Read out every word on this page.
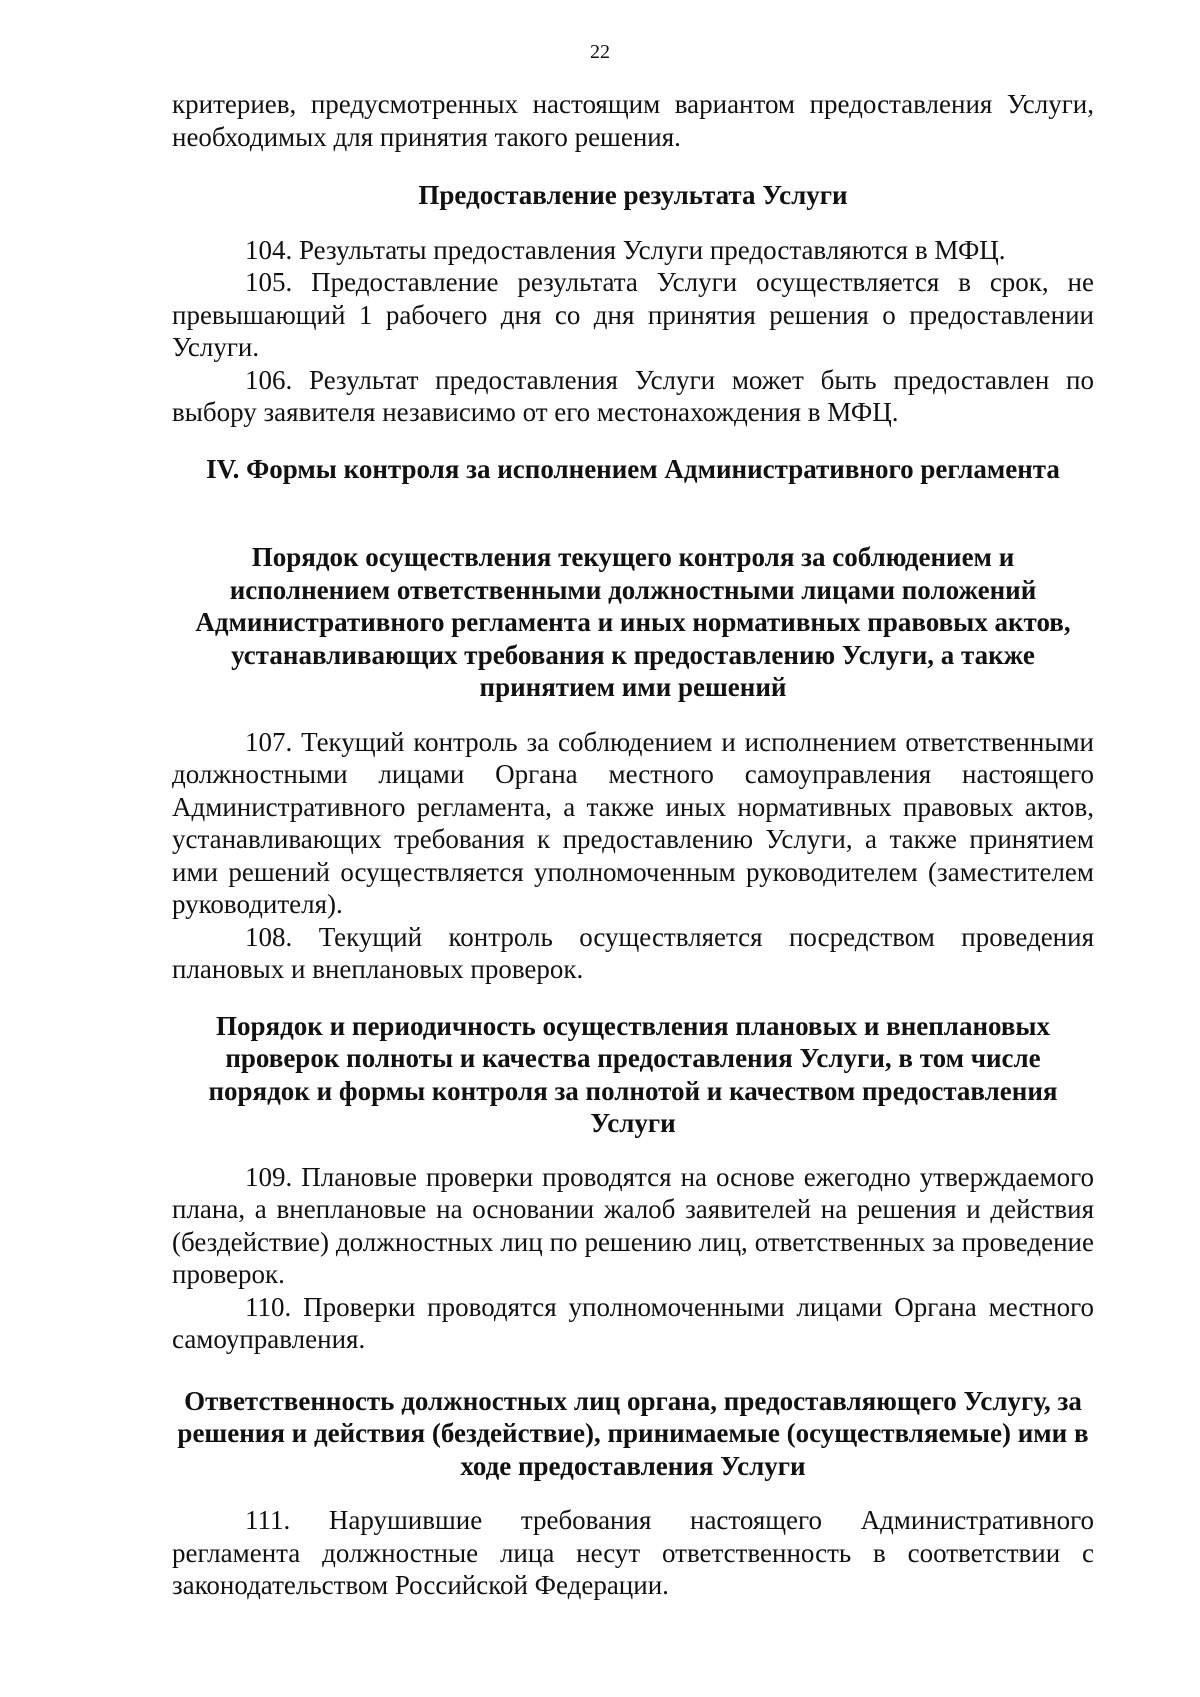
22

критериев, предусмотренных настоящим вариантом предоставления Услуги, необходимых для принятия такого решения.

Предоставление результата Услуги

104. Результаты предоставления Услуги предоставляются в МФЦ.

105. Предоставление результата Услуги осуществляется в срок, не превышающий 1 рабочего дня со дня принятия решения о предоставлении Услуги.

106. Результат предоставления Услуги может быть предоставлен по выбору заявителя независимо от его местонахождения в МФЦ.

IV. Формы контроля за исполнением Административного регламента
Порядок осуществления текущего контроля за соблюдением и исполнением ответственными должностными лицами положений Административного регламента и иных нормативных правовых актов, устанавливающих требования к предоставлению Услуги, а также принятием ими решений

107. Текущий контроль за соблюдением и исполнением ответственными должностными лицами Органа местного самоуправления настоящего Административного регламента, а также иных нормативных правовых актов, устанавливающих требования к предоставлению Услуги, а также принятием ими решений осуществляется уполномоченным руководителем (заместителем руководителя).

108. Текущий контроль осуществляется посредством проведения плановых и внеплановых проверок.

Порядок и периодичность осуществления плановых и внеплановых проверок полноты и качества предоставления Услуги, в том числе порядок и формы контроля за полнотой и качеством предоставления Услуги

109. Плановые проверки проводятся на основе ежегодно утверждаемого плана, а внеплановые на основании жалоб заявителей на решения и действия (бездействие) должностных лиц по решению лиц, ответственных за проведение проверок.

110. Проверки проводятся уполномоченными лицами Органа местного самоуправления.

Ответственность должностных лиц органа, предоставляющего Услугу, за решения и действия (бездействие), принимаемые (осуществляемые) ими в ходе предоставления Услуги

111. Нарушившие требования настоящего Административного регламента должностные лица несут ответственность в соответствии с законодательством Российской Федерации.
